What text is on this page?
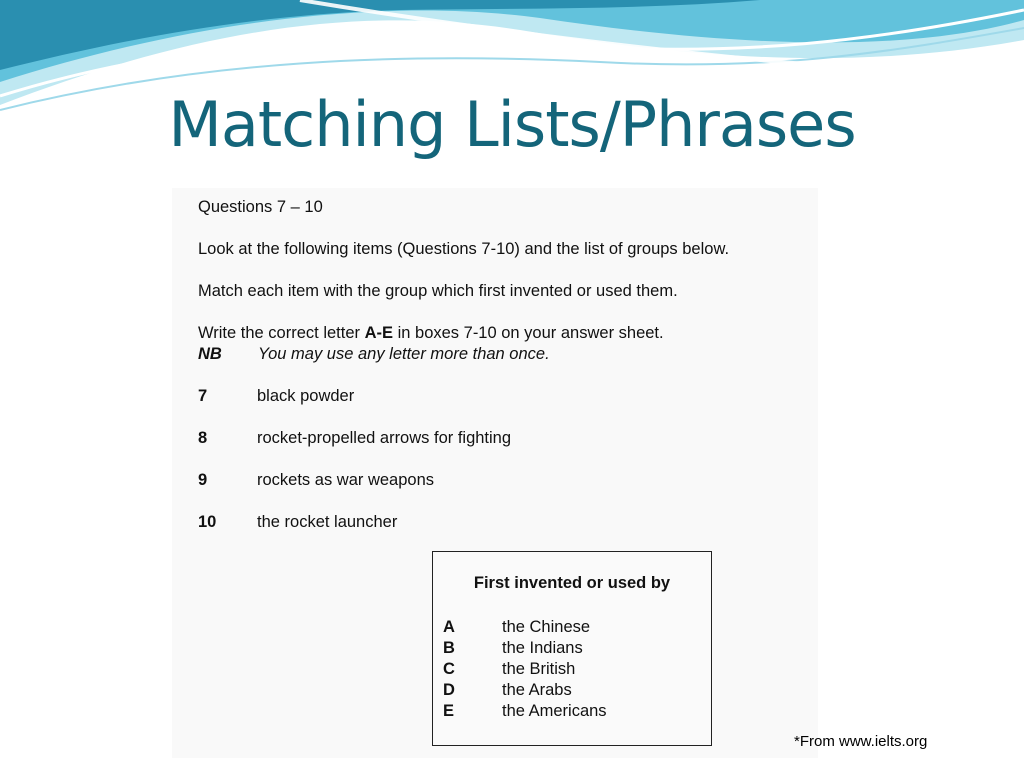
Matching Lists/Phrases
Questions 7 – 10
Look at the following items (Questions 7-10) and the list of groups below.
Match each item with the group which first invented or used them.
Write the correct letter A-E in boxes 7-10 on your answer sheet.
NB You may use any letter more than once.
7	black powder
8	rocket-propelled arrows for fighting
9	rockets as war weapons
10 the rocket launcher
First invented or used by
A	the Chinese
B	the Indians
C	the British
D	the Arabs
E	the Americans
*From www.ielts.org
